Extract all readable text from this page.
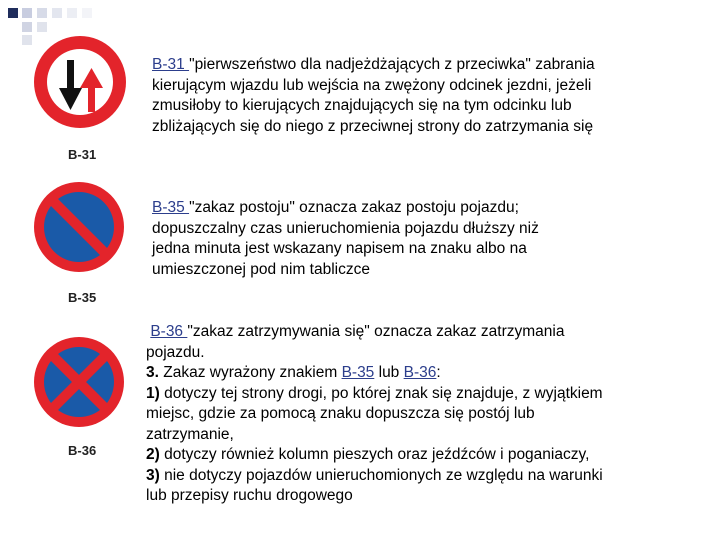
B-31
B-35
B-36
B-31 "pierwszeństwo dla nadjeżdżających z przeciwka" zabrania
kierującym wjazdu lub wejścia na zwężony odcinek jezdni, jeżeli
zmusiłoby to kierujących znajdujących się na tym odcinku lub
zbliżających się do niego z przeciwnej strony do zatrzymania się
B-35 "zakaz postoju" oznacza zakaz postoju pojazdu;
dopuszczalny czas unieruchomienia pojazdu dłuższy niż
jedna minuta jest wskazany napisem na znaku albo na
umieszczonej pod nim tabliczce
B-36 "zakaz zatrzymywania się" oznacza zakaz zatrzymania
pojazdu.
3. Zakaz wyrażony znakiem B-35 lub B-36:
1) dotyczy tej strony drogi, po której znak się znajduje, z wyjątkiem
miejsc, gdzie za pomocą znaku dopuszcza się postój lub
zatrzymanie,
2) dotyczy również kolumn pieszych oraz jeźdźców i poganiaczy,
3) nie dotyczy pojazdów unieruchomionych ze względu na warunki
lub przepisy ruchu drogowego
